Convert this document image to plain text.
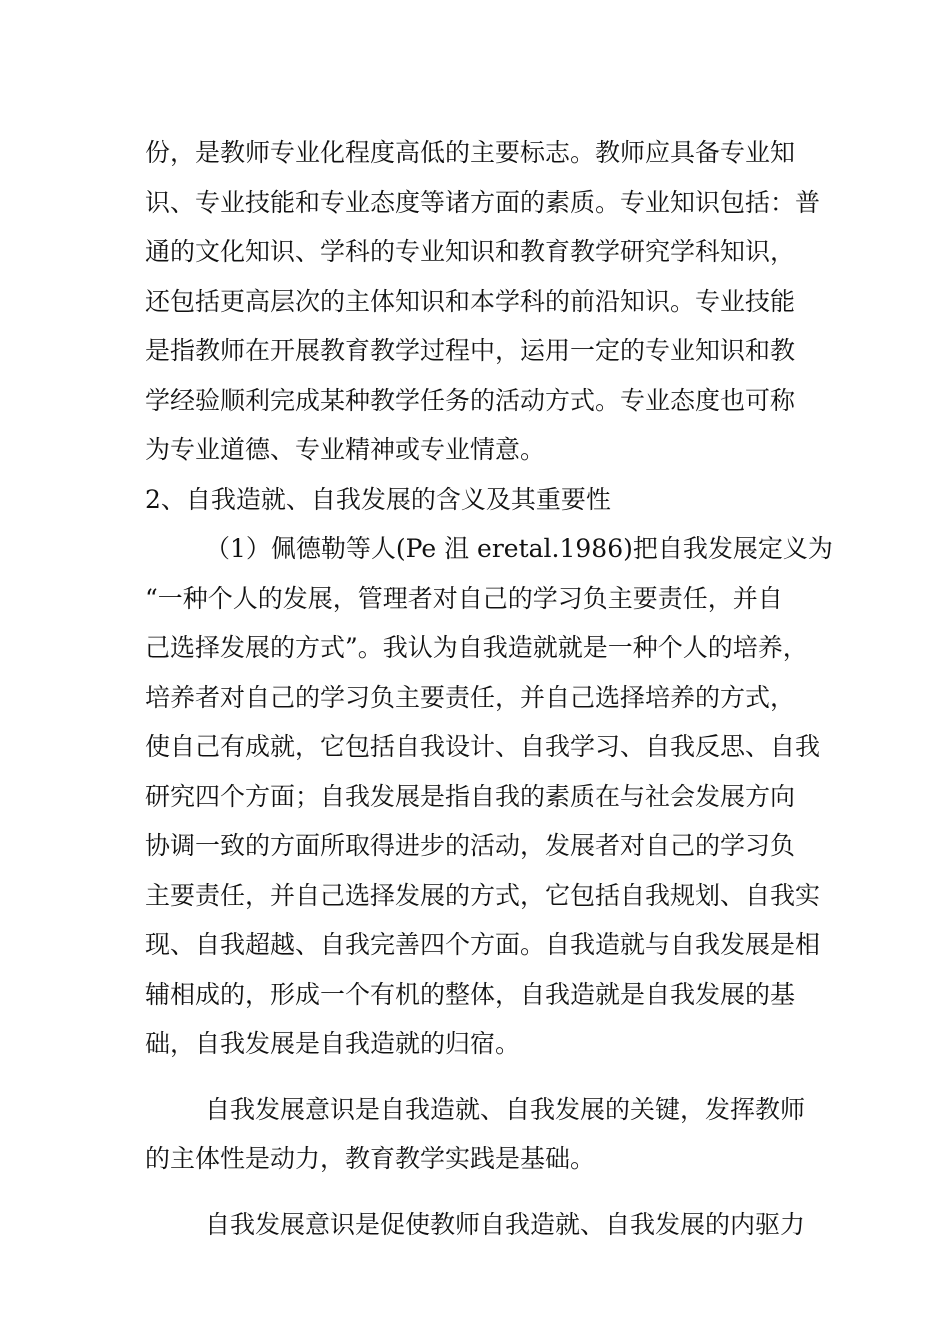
份，是教师专业化程度高低的主要标志。教师应具备专业知
识、专业技能和专业态度等诸方面的素质。专业知识包括：普
通的文化知识、学科的专业知识和教育教学研究学科知识，
还包括更高层次的主体知识和本学科的前沿知识。专业技能
是指教师在开展教育教学过程中，运用一定的专业知识和教
学经验顺利完成某种教学任务的活动方式。专业态度也可称
为专业道德、专业精神或专业情意。
2、自我造就、自我发展的含义及其重要性
（1）佩德勒等人(Pe 沮 eretal.1986)把自我发展定义为
“一种个人的发展，管理者对自己的学习负主要责任，并自
己选择发展的方式”。我认为自我造就就是一种个人的培养，
培养者对自己的学习负主要责任，并自己选择培养的方式，
使自己有成就，它包括自我设计、自我学习、自我反思、自我
研究四个方面；自我发展是指自我的素质在与社会发展方向
协调一致的方面所取得进步的活动，发展者对自己的学习负
主要责任，并自己选择发展的方式，它包括自我规划、自我实
现、自我超越、自我完善四个方面。自我造就与自我发展是相
辅相成的，形成一个有机的整体，自我造就是自我发展的基
础，自我发展是自我造就的归宿。
自我发展意识是自我造就、自我发展的关键，发挥教师
的主体性是动力，教育教学实践是基础。
自我发展意识是促使教师自我造就、自我发展的内驱力
